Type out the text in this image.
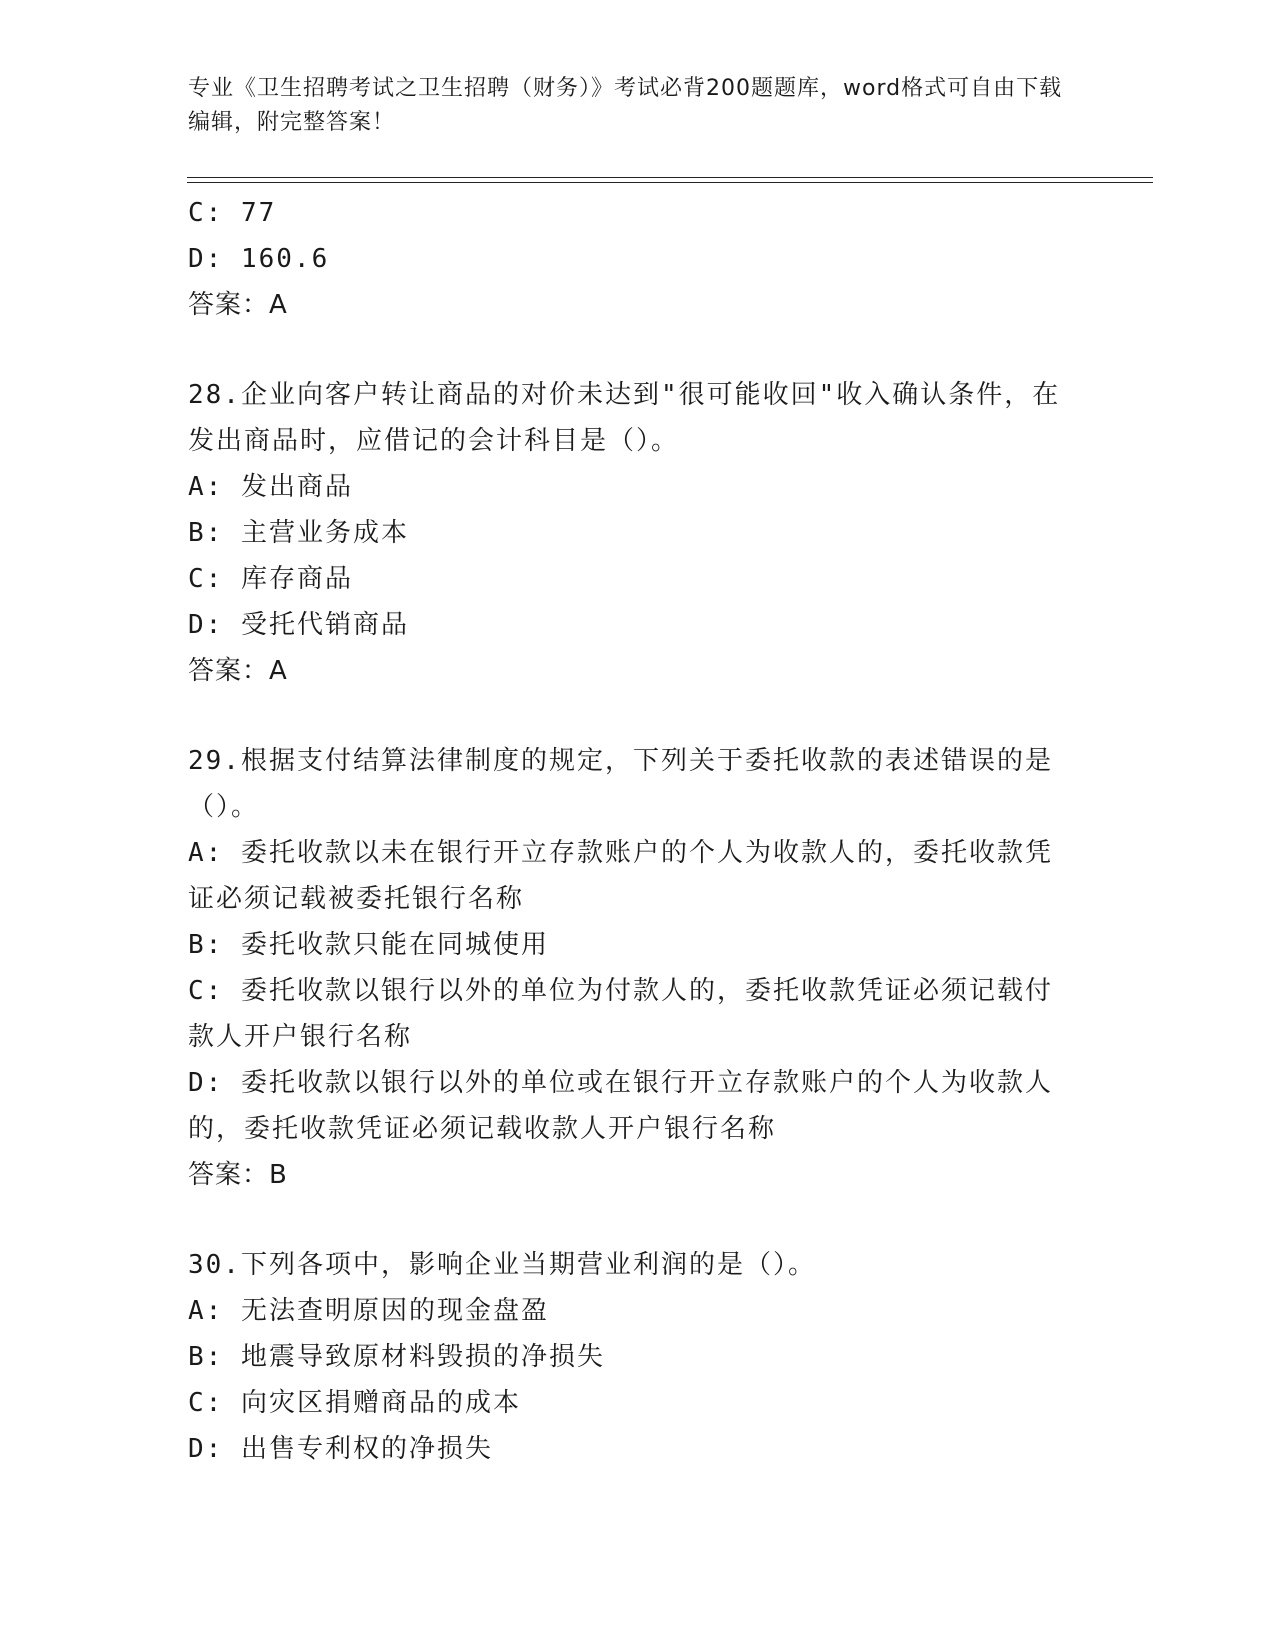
专业《卫生招聘考试之卫生招聘（财务）》考试必背200题题库，word格式可自由下载编辑，附完整答案！

C: 77

D: 160.6

答案：A

28.企业向客户转让商品的对价未达到"很可能收回"收入确认条件，在发出商品时，应借记的会计科目是（）。

A: 发出商品

B: 主营业务成本

C: 库存商品

D: 受托代销商品

答案：A

29.根据支付结算法律制度的规定，下列关于委托收款的表述错误的是（）。

A: 委托收款以未在银行开立存款账户的个人为收款人的，委托收款凭证必须记载被委托银行名称

B: 委托收款只能在同城使用

C: 委托收款以银行以外的单位为付款人的，委托收款凭证必须记载付款人开户银行名称

D: 委托收款以银行以外的单位或在银行开立存款账户的个人为收款人的，委托收款凭证必须记载收款人开户银行名称

答案：B

30.下列各项中，影响企业当期营业利润的是（）。

A: 无法查明原因的现金盘盈

B: 地震导致原材料毁损的净损失

C: 向灾区捐赠商品的成本

D: 出售专利权的净损失
